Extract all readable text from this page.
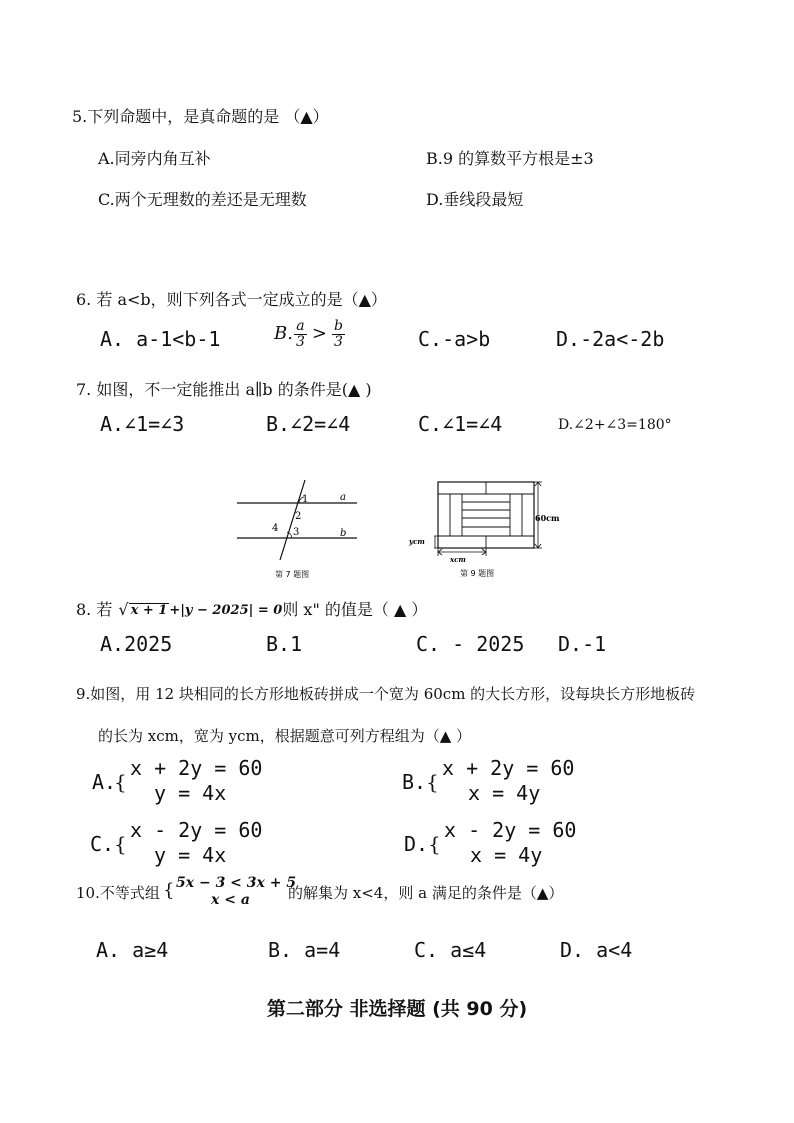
5.下列命题中，是真命题的是 （▲）
A.同旁内角互补	B.9 的算数平方根是±3
C.两个无理数的差还是无理数	D.垂线段最短
6. 若 a<b，则下列各式一定成立的是（▲）
A. a-1<b-1	B. $\frac{a}{3} > \frac{b}{3}$	C.-a>b	D.-2a<-2b
7. 如图，不一定能推出 a∥b 的条件是(▲ )
A.∠1=∠3	B.∠2=∠4	C.∠1=∠4	D.∠2+∠3=180°
1
2
3
4
a
b
第 7 题图
60cm
ycm
xcm
第 9 题图
8. 若 √ x + 1 +|y − 2025| = 0 则 x" 的值是（ ▲ ）
A.2025	B.1	C. - 2025 D.-1
9.如图，用 12 块相同的长方形地板砖拼成一个宽为 60cm 的大长方形，设每块长方形地板砖
的长为 xcm，宽为 ycm，根据题意可列方程组为（▲ ）
A.
{
x + 2y = 60
y = 4x	B. {
x + 2y = 60
x = 4y
C. {
x - 2y = 60
y = 4x	D. {
x - 2y = 60
x = 4y
10.不等式组 { 5x − 3 < 3x + 5
x < a	的解集为 x<4，则 a 满足的条件是（▲）
A. a≥4	B. a=4	C. a≤4	D. a<4
第二部分 非选择题 (共 90 分)
